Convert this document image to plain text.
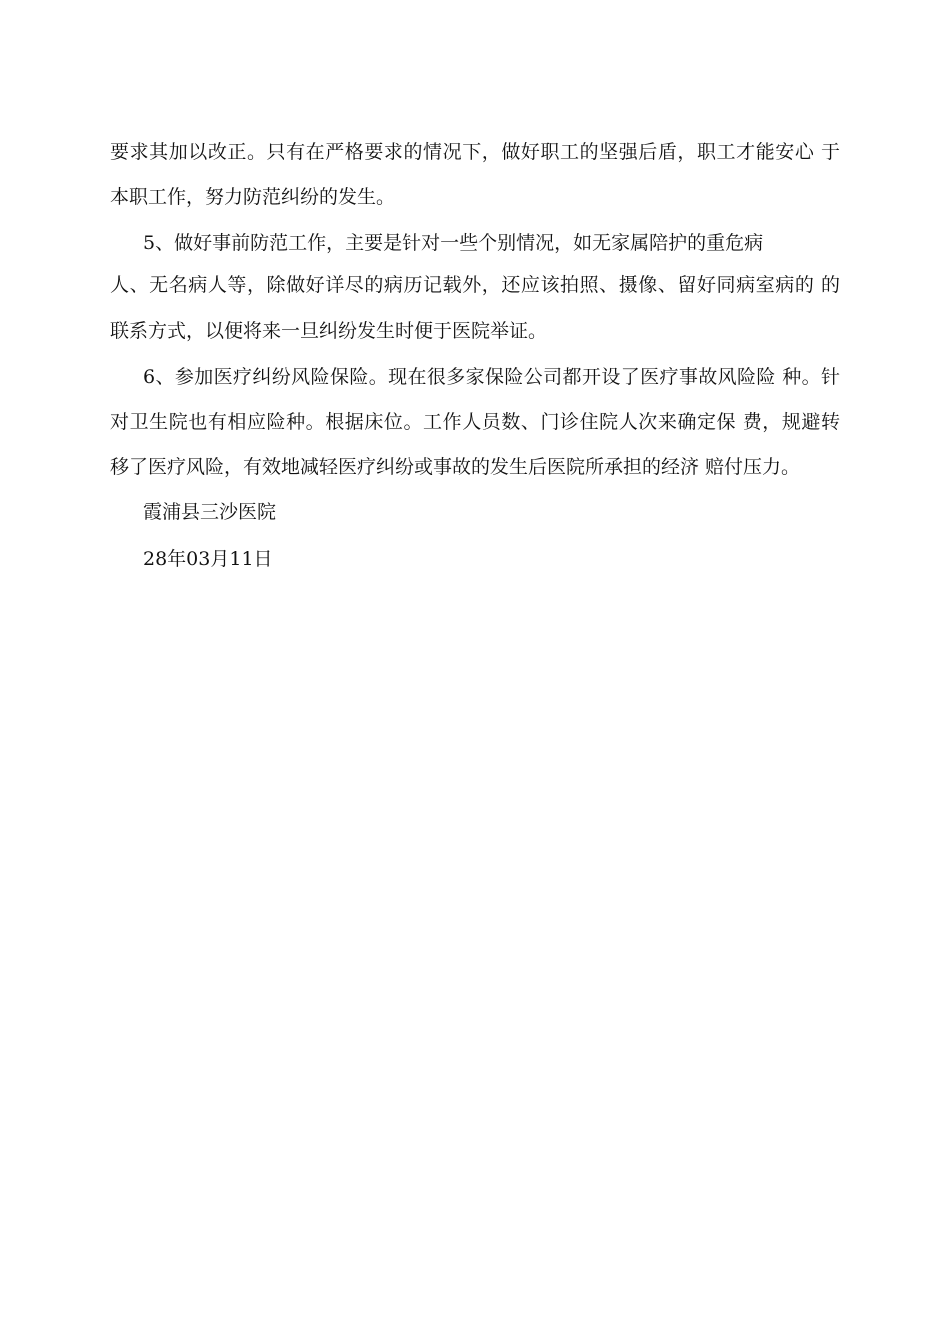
要求其加以改正。只有在严格要求的情况下，做好职工的坚强后盾，职工才能安心 于
本职工作，努力防范纠纷的发生。
5、做好事前防范工作，主要是针对一些个别情况，如无家属陪护的重危病
人、无名病人等，除做好详尽的病历记载外，还应该拍照、摄像、留好同病室病的 的
联系方式，以便将来一旦纠纷发生时便于医院举证。
6、参加医疗纠纷风险保险。现在很多家保险公司都开设了医疗事故风险险 种。针
对卫生院也有相应险种。根据床位。工作人员数、门诊住院人次来确定保 费，规避转
移了医疗风险，有效地减轻医疗纠纷或事故的发生后医院所承担的经济 赔付压力。
霞浦县三沙医院
28年03月11日
